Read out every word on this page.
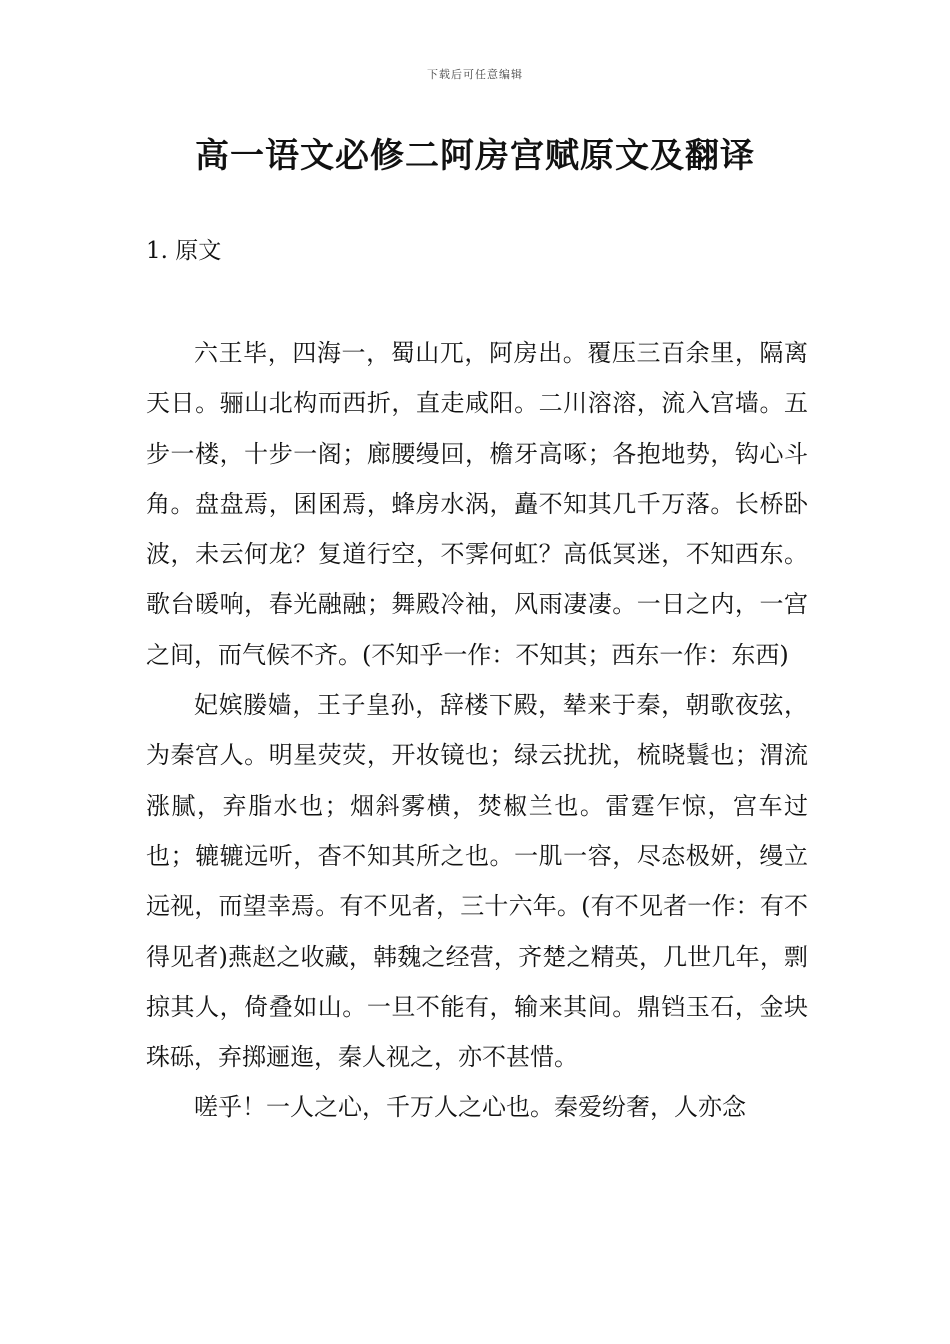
下载后可任意编辑
高一语文必修二阿房宫赋原文及翻译
1. 原文

六王毕，四海一，蜀山兀，阿房出。覆压三百余里，隔离天日。骊山北构而西折，直走咸阳。二川溶溶，流入宫墙。五步一楼，十步一阁；廊腰缦回，檐牙高啄；各抱地势，钩心斗角。盘盘焉，囷囷焉，蜂房水涡，矗不知其几千万落。长桥卧波，未云何龙？复道行空，不霁何虹？高低冥迷，不知西东。歌台暖响，春光融融；舞殿冷袖，风雨凄凄。一日之内，一宫之间，而气候不齐。(不知乎一作：不知其；西东一作：东西)

妃嫔媵嫱，王子皇孙，辞楼下殿，辇来于秦，朝歌夜弦，为秦宫人。明星荧荧，开妆镜也；绿云扰扰，梳晓鬟也；渭流涨腻，弃脂水也；烟斜雾横，焚椒兰也。雷霆乍惊，宫车过也；辘辘远听，杳不知其所之也。一肌一容，尽态极妍，缦立远视，而望幸焉。有不见者，三十六年。(有不见者一作：有不得见者)燕赵之收藏，韩魏之经营，齐楚之精英，几世几年，剽掠其人，倚叠如山。一旦不能有，输来其间。鼎铛玉石，金块珠砾，弃掷逦迤，秦人视之，亦不甚惜。

嗟乎！一人之心，千万人之心也。秦爱纷奢，人亦念
